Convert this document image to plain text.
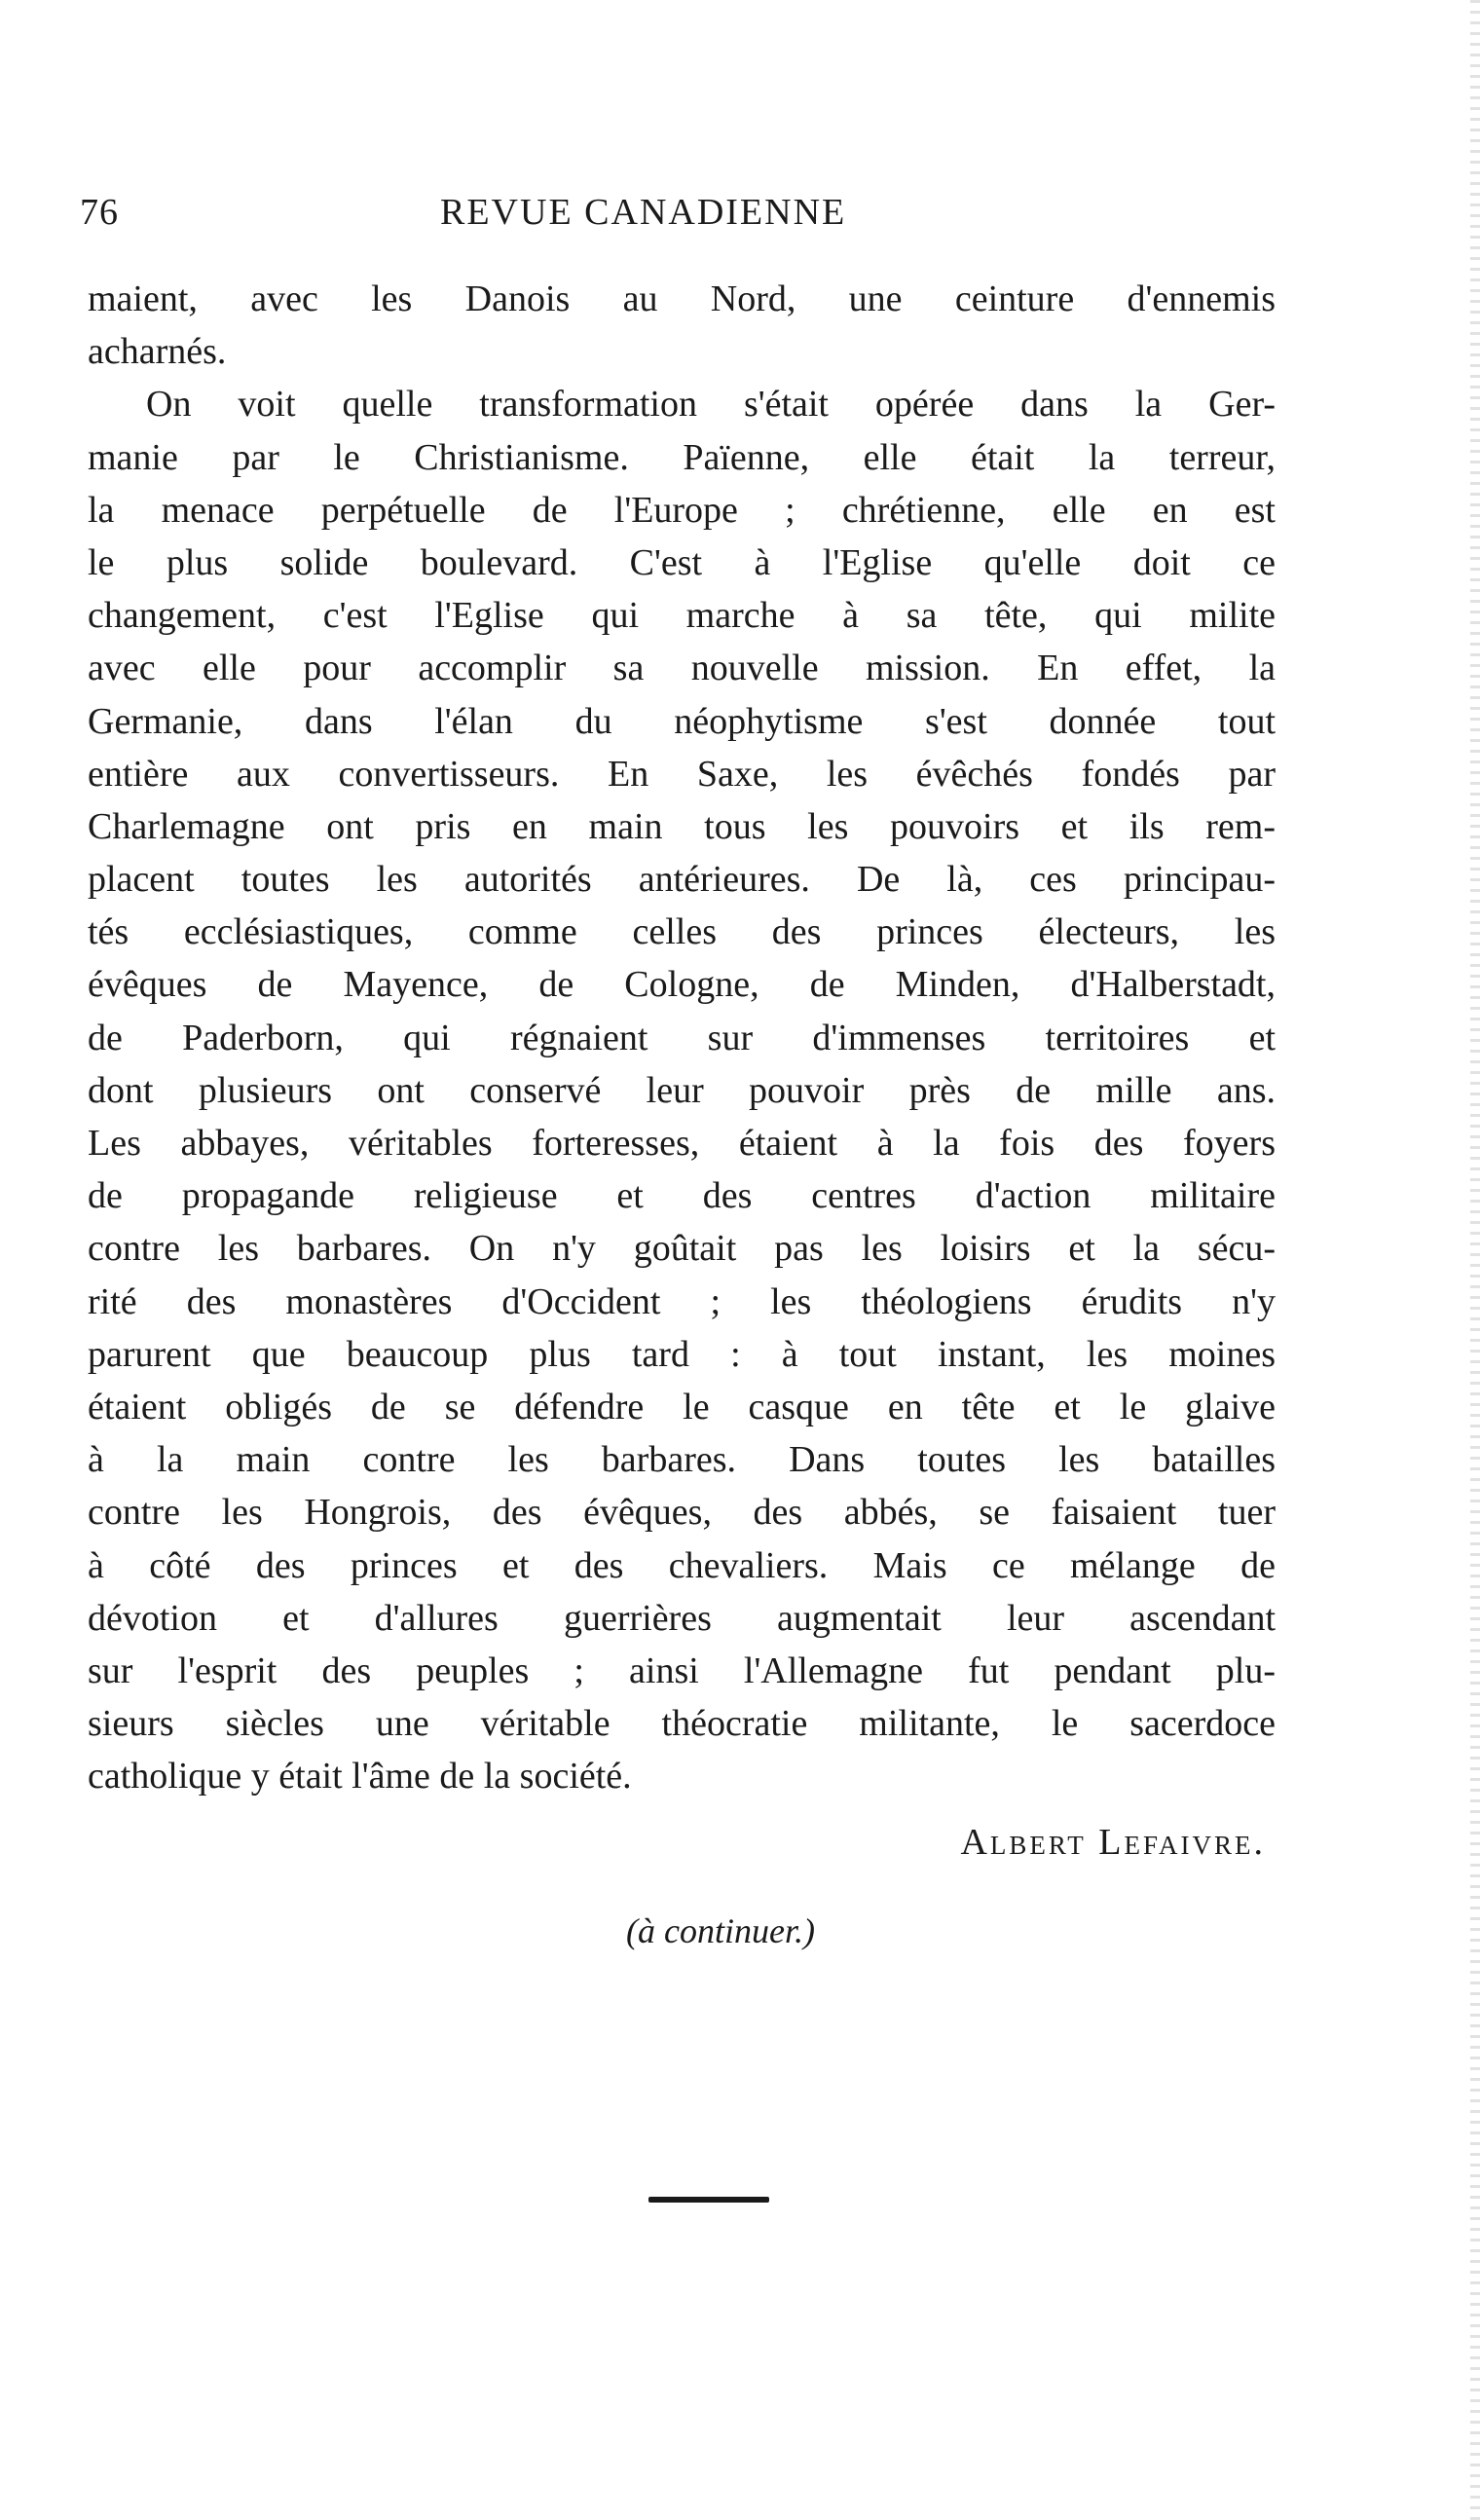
76	REVUE CANADIENNE
maient, avec les Danois au Nord, une ceinture d'ennemis
acharnés.
On voit quelle transformation s'était opérée dans la Ger-
manie par le Christianisme. Païenne, elle était la terreur,
la menace perpétuelle de l'Europe ; chrétienne, elle en est
le plus solide boulevard. C'est à l'Eglise qu'elle doit ce
changement, c'est l'Eglise qui marche à sa tête, qui milite
avec elle pour accomplir sa nouvelle mission. En effet, la
Germanie, dans l'élan du néophytisme s'est donnée tout
entière aux convertisseurs. En Saxe, les évêchés fondés par
Charlemagne ont pris en main tous les pouvoirs et ils rem-
placent toutes les autorités antérieures. De là, ces principau-
tés ecclésiastiques, comme celles des princes électeurs, les
évêques de Mayence, de Cologne, de Minden, d'Halberstadt,
de Paderborn, qui régnaient sur d'immenses territoires et
dont plusieurs ont conservé leur pouvoir près de mille ans.
Les abbayes, véritables forteresses, étaient à la fois des foyers
de propagande religieuse et des centres d'action militaire
contre les barbares. On n'y goûtait pas les loisirs et la sécu-
rité des monastères d'Occident ; les théologiens érudits n'y
parurent que beaucoup plus tard : à tout instant, les moines
étaient obligés de se défendre le casque en tête et le glaive
à la main contre les barbares. Dans toutes les batailles
contre les Hongrois, des évêques, des abbés, se faisaient tuer
à côté des princes et des chevaliers. Mais ce mélange de
dévotion et d'allures guerrières augmentait leur ascendant
sur l'esprit des peuples ; ainsi l'Allemagne fut pendant plu-
sieurs siècles une véritable théocratie militante, le sacerdoce
catholique y était l'âme de la société.
Albert Lefaivre.
(à continuer.)
